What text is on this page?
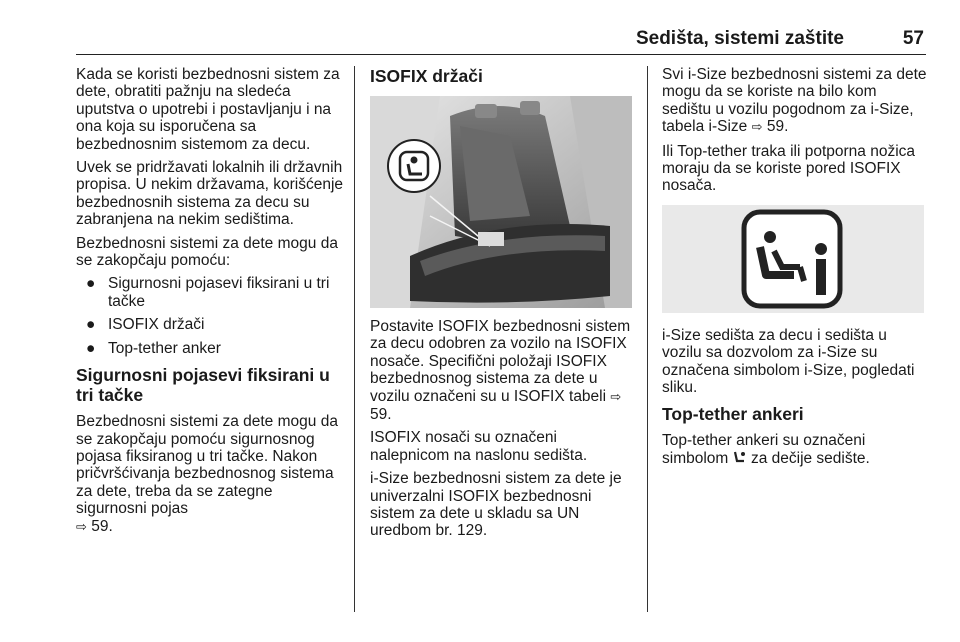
Sedišta, sistemi zaštite	57

Kada se koristi bezbednosni sistem za dete, obratiti pažnju na sledeća uputstva o upotrebi i postavljanju i na ona koja su isporučena sa bezbednosnim sistemom za decu.

Uvek se pridržavati lokalnih ili državnih propisa. U nekim državama, korišćenje bezbednosnih sistema za decu su zabranjena na nekim sedištima.

Bezbednosni sistemi za dete mogu da se zakopčaju pomoću:

● Sigurnosni pojasevi fiksirani u tri tačke
● ISOFIX držači
● Top-tether anker
Sigurnosni pojasevi fiksirani u tri tačke

Bezbednosni sistemi za dete mogu da se zakopčaju pomoću sigurnosnog pojasa fiksiranog u tri tačke. Nakon pričvršćivanja bezbednosnog sistema za dete, treba da se zategne sigurnosni pojas
⇨ 59.

ISOFIX držači

Postavite ISOFIX bezbednosni sistem za decu odobren za vozilo na ISOFIX nosače. Specifični položaji ISOFIX bezbednosnog sistema za dete u vozilu označeni su u ISOFIX tabeli ⇨ 59.

ISOFIX nosači su označeni nalepnicom na naslonu sedišta.

i-Size bezbednosni sistem za dete je univerzalni ISOFIX bezbednosni sistem za dete u skladu sa UN uredbom br. 129.

Svi i-Size bezbednosni sistemi za dete mogu da se koriste na bilo kom sedištu u vozilu pogodnom za i-Size, tabela i-Size ⇨ 59.

Ili Top-tether traka ili potporna nožica moraju da se koriste pored ISOFIX nosača.

i-Size sedišta za decu i sedišta u vozilu sa dozvolom za i-Size su označena simbolom i-Size, pogledati sliku.

Top-tether ankeri

Top-tether ankeri su označeni simbolom za dečije sedište.
